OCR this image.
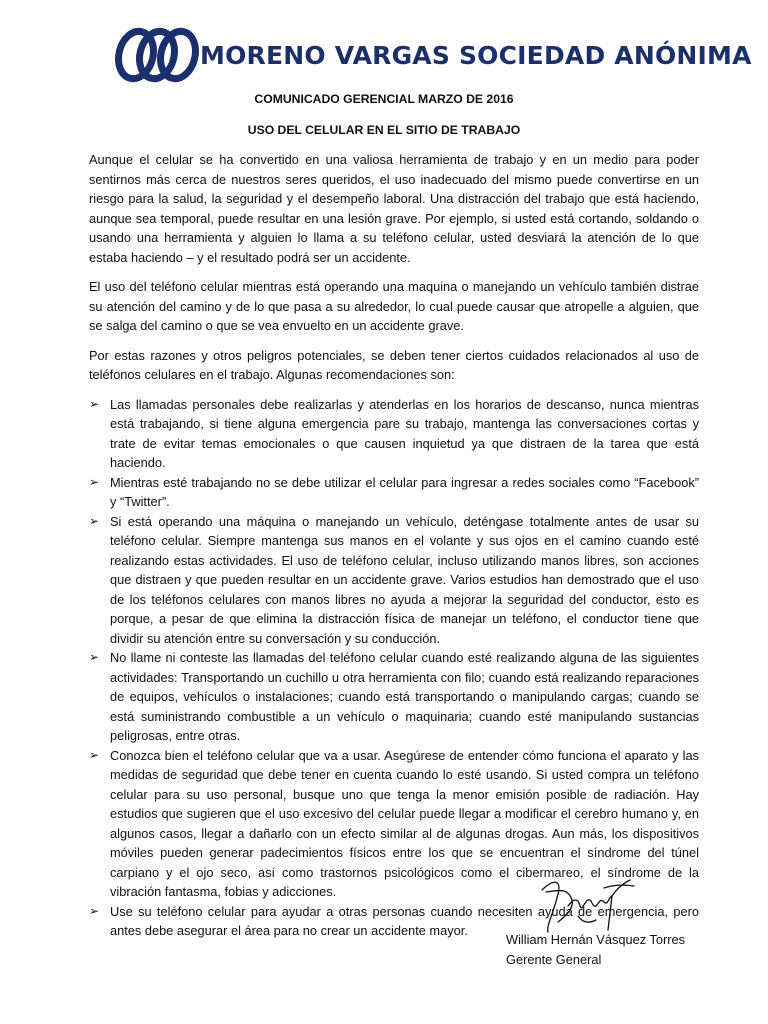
MORENO VARGAS SOCIEDAD ANÓNIMA
COMUNICADO GERENCIAL MARZO DE 2016
USO DEL CELULAR EN EL SITIO DE TRABAJO

Aunque el celular se ha convertido en una valiosa herramienta de trabajo y en un medio para poder sentirnos más cerca de nuestros seres queridos, el uso inadecuado del mismo puede convertirse en un riesgo para la salud, la seguridad y el desempeño laboral. Una distracción del trabajo que está haciendo, aunque sea temporal, puede resultar en una lesión grave. Por ejemplo, si usted está cortando, soldando o usando una herramienta y alguien lo llama a su teléfono celular, usted desviará la atención de lo que estaba haciendo – y el resultado podrá ser un accidente.

El uso del teléfono celular mientras está operando una maquina o manejando un vehículo también distrae su atención del camino y de lo que pasa a su alrededor, lo cual puede causar que atropelle a alguien, que se salga del camino o que se vea envuelto en un accidente grave.

Por estas razones y otros peligros potenciales, se deben tener ciertos cuidados relacionados al uso de teléfonos celulares en el trabajo. Algunas recomendaciones son:

➢ Las llamadas personales debe realizarlas y atenderlas en los horarios de descanso, nunca mientras está trabajando, si tiene alguna emergencia pare su trabajo, mantenga las conversaciones cortas y trate de evitar temas emocionales o que causen inquietud ya que distraen de la tarea que está haciendo.
➢ Mientras esté trabajando no se debe utilizar el celular para ingresar a redes sociales como “Facebook” y “Twitter”.
➢ Si está operando una máquina o manejando un vehículo, deténgase totalmente antes de usar su teléfono celular. Siempre mantenga sus manos en el volante y sus ojos en el camino cuando esté realizando estas actividades. El uso de teléfono celular, incluso utilizando manos libres, son acciones que distraen y que pueden resultar en un accidente grave. Varios estudios han demostrado que el uso de los teléfonos celulares con manos libres no ayuda a mejorar la seguridad del conductor, esto es porque, a pesar de que elimina la distracción física de manejar un teléfono, el conductor tiene que dividir su atención entre su conversación y su conducción.
➢ No llame ni conteste las llamadas del teléfono celular cuando esté realizando alguna de las siguientes actividades: Transportando un cuchillo u otra herramienta con filo; cuando está realizando reparaciones de equipos, vehículos o instalaciones; cuando está transportando o manipulando cargas; cuando se está suministrando combustible a un vehículo o maquinaria; cuando esté manipulando sustancias peligrosas, entre otras.
➢ Conozca bien el teléfono celular que va a usar. Asegúrese de entender cómo funciona el aparato y las medidas de seguridad que debe tener en cuenta cuando lo esté usando. Si usted compra un teléfono celular para su uso personal, busque uno que tenga la menor emisión posible de radiación. Hay estudios que sugieren que el uso excesivo del celular puede llegar a modificar el cerebro humano y, en algunos casos, llegar a dañarlo con un efecto similar al de algunas drogas. Aun más, los dispositivos móviles pueden generar padecimientos físicos entre los que se encuentran el síndrome del túnel carpiano y el ojo seco, así como trastornos psicológicos como el cibermareo, el síndrome de la vibración fantasma, fobias y adicciones.
➢ Use su teléfono celular para ayudar a otras personas cuando necesiten ayuda de emergencia, pero antes debe asegurar el área para no crear un accidente mayor.
William Hernán Vásquez Torres
Gerente General
